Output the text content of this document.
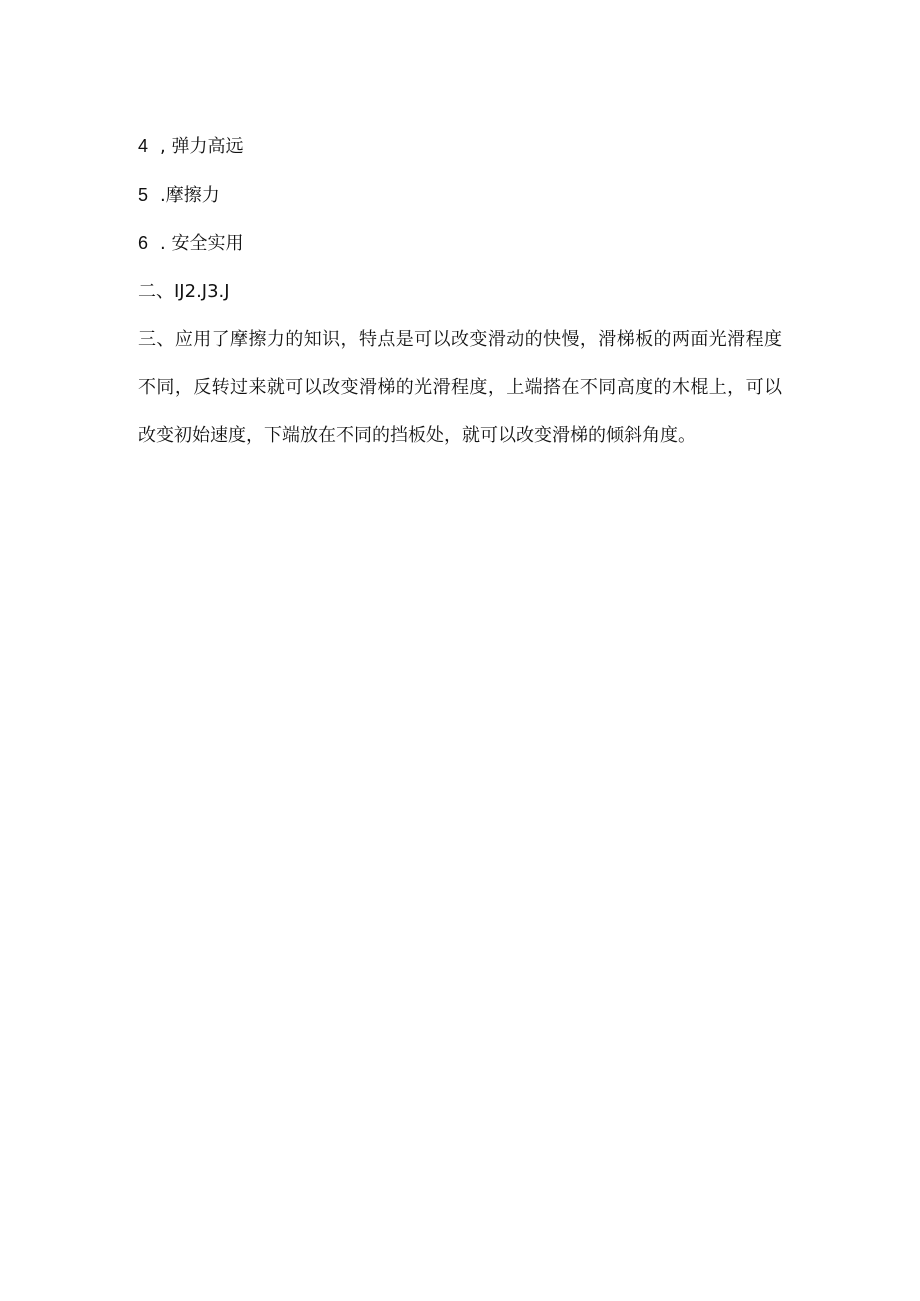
4 , 弹力高远
5 .摩擦力
6 . 安全实用
二、IJ2.J3.J
三、应用了摩擦力的知识，特点是可以改变滑动的快慢，滑梯板的两面光滑程度不同，反转过来就可以改变滑梯的光滑程度，上端搭在不同高度的木棍上，可以改变初始速度，下端放在不同的挡板处，就可以改变滑梯的倾斜角度。
